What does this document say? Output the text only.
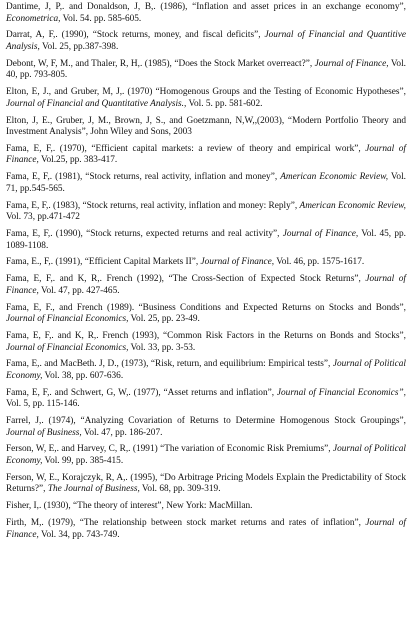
Dantime, J, P,. and Donaldson, J, B,. (1986), “Inflation and asset prices in an exchange economy”, Econometrica, Vol. 54. pp. 585-605.
Darrat, A, F,. (1990), “Stock returns, money, and fiscal deficits”, Journal of Financial and Quantitive Analysis, Vol. 25, pp.387-398.
Debont, W, F, M., and Thaler, R, H,. (1985), “Does the Stock Market overreact?”, Journal of Finance, Vol. 40, pp. 793-805.
Elton, E, J., and Gruber, M, J,. (1970) “Homogenous Groups and the Testing of Economic Hypotheses”, Journal of Financial and Quantitative Analysis., Vol. 5. pp. 581-602.
Elton, J, E., Gruber, J, M., Brown, J, S., and Goetzmann, N,W,,(2003), “Modern Portfolio Theory and Investment Analysis”, John Wiley and Sons, 2003
Fama, E, F,. (1970), “Efficient capital markets: a review of theory and empirical work”, Journal of Finance, Vol.25, pp. 383-417.
Fama, E, F,. (1981), “Stock returns, real activity, inflation and money”, American Economic Review, Vol. 71, pp.545-565.
Fama, E, F,. (1983), “Stock returns, real activity, inflation and money: Reply”, American Economic Review, Vol. 73, pp.471-472
Fama, E, F,. (1990), “Stock returns, expected returns and real activity”, Journal of Finance, Vol. 45, pp. 1089-1108.
Fama, E., F,. (1991), “Efficient Capital Markets II”, Journal of Finance, Vol. 46, pp. 1575-1617.
Fama, E, F,. and K, R,. French (1992), “The Cross-Section of Expected Stock Returns”, Journal of Finance, Vol. 47, pp. 427-465.
Fama, E, F., and French (1989). “Business Conditions and Expected Returns on Stocks and Bonds”, Journal of Financial Economics, Vol. 25, pp. 23-49.
Fama, E, F,. and K, R,. French (1993), “Common Risk Factors in the Returns on Bonds and Stocks”, Journal of Financial Economics, Vol. 33, pp. 3-53.
Fama, E,. and MacBeth. J, D., (1973), “Risk, return, and equilibrium: Empirical tests”, Journal of Political Economy, Vol. 38, pp. 607-636.
Fama, E, F,. and Schwert, G, W,. (1977), “Asset returns and inflation”, Journal of Financial Economics”, Vol. 5, pp. 115-146.
Farrel, J,. (1974), “Analyzing Covariation of Returns to Determine Homogenous Stock Groupings”, Journal of Business, Vol. 47, pp. 186-207.
Ferson, W, E,. and Harvey, C, R,. (1991) “The variation of Economic Risk Premiums”, Journal of Political Economy, Vol. 99, pp. 385-415.
Ferson, W, E., Korajczyk, R, A,. (1995), “Do Arbitrage Pricing Models Explain the Predictability of Stock Returns?”, The Journal of Business, Vol. 68, pp. 309-319.
Fisher, I,. (1930), “The theory of interest”, New York: MacMillan.
Firth, M,. (1979), “The relationship between stock market returns and rates of inflation”, Journal of Finance, Vol. 34, pp. 743-749.
